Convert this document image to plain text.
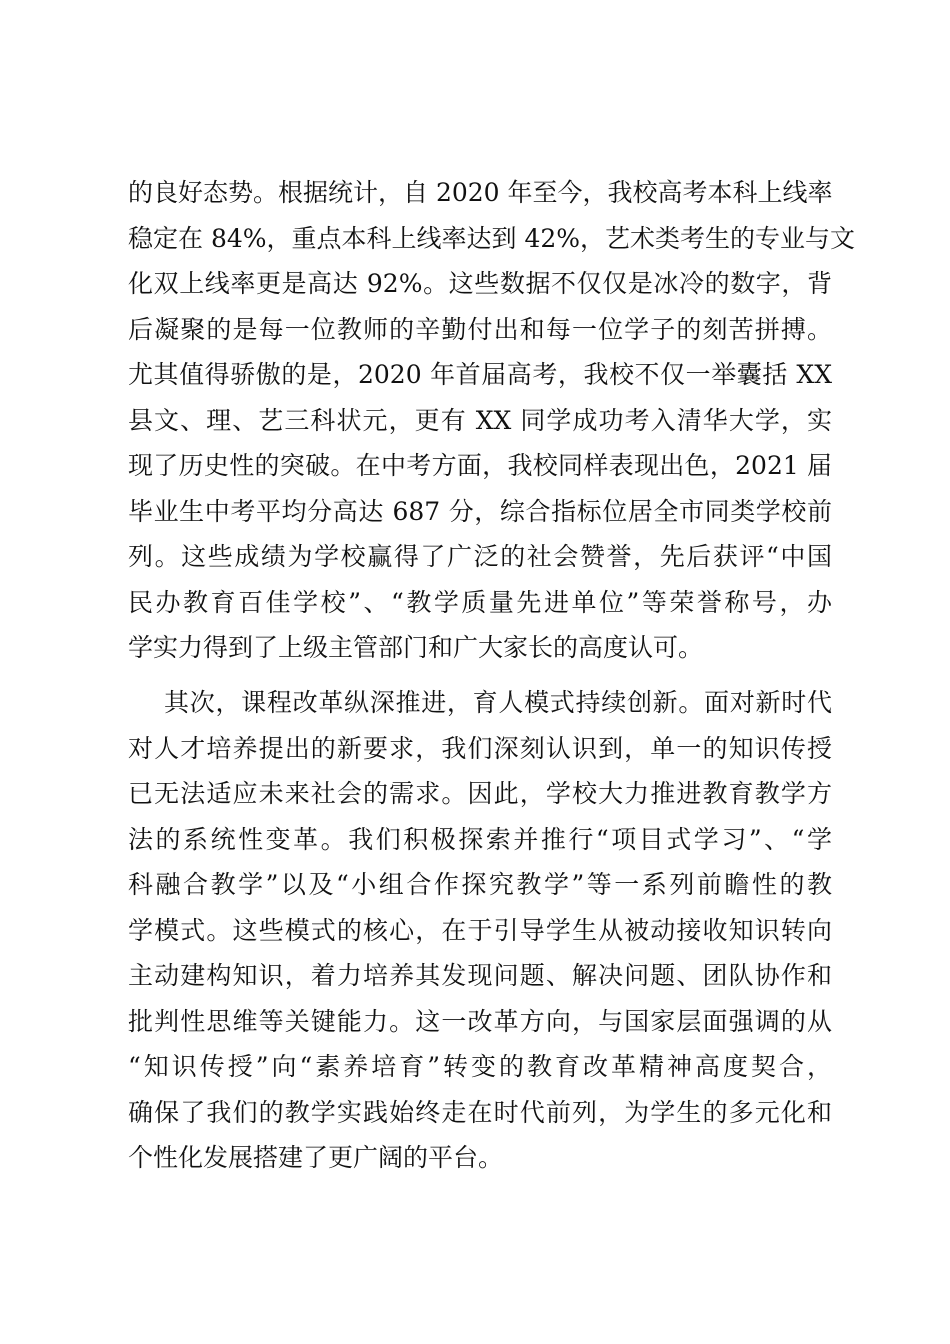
的良好态势。根据统计，自 2020 年至今，我校高考本科上线率
稳定在 84%，重点本科上线率达到 42%，艺术类考生的专业与文
化双上线率更是高达 92%。这些数据不仅仅是冰冷的数字，背
后凝聚的是每一位教师的辛勤付出和每一位学子的刻苦拼搏。
尤其值得骄傲的是，2020 年首届高考，我校不仅一举囊括 XX
县文、理、艺三科状元，更有 XX 同学成功考入清华大学，实
现了历史性的突破。在中考方面，我校同样表现出色，2021 届
毕业生中考平均分高达 687 分，综合指标位居全市同类学校前
列。这些成绩为学校赢得了广泛的社会赞誉，先后获评“中国
民办教育百佳学校”、“教学质量先进单位”等荣誉称号，办
学实力得到了上级主管部门和广大家长的高度认可。
其次，课程改革纵深推进，育人模式持续创新。面对新时代
对人才培养提出的新要求，我们深刻认识到，单一的知识传授
已无法适应未来社会的需求。因此，学校大力推进教育教学方
法的系统性变革。我们积极探索并推行“项目式学习”、“学
科融合教学”以及“小组合作探究教学”等一系列前瞻性的教
学模式。这些模式的核心，在于引导学生从被动接收知识转向
主动建构知识，着力培养其发现问题、解决问题、团队协作和
批判性思维等关键能力。这一改革方向，与国家层面强调的从
“知识传授”向“素养培育”转变的教育改革精神高度契合，
确保了我们的教学实践始终走在时代前列，为学生的多元化和
个性化发展搭建了更广阔的平台。
